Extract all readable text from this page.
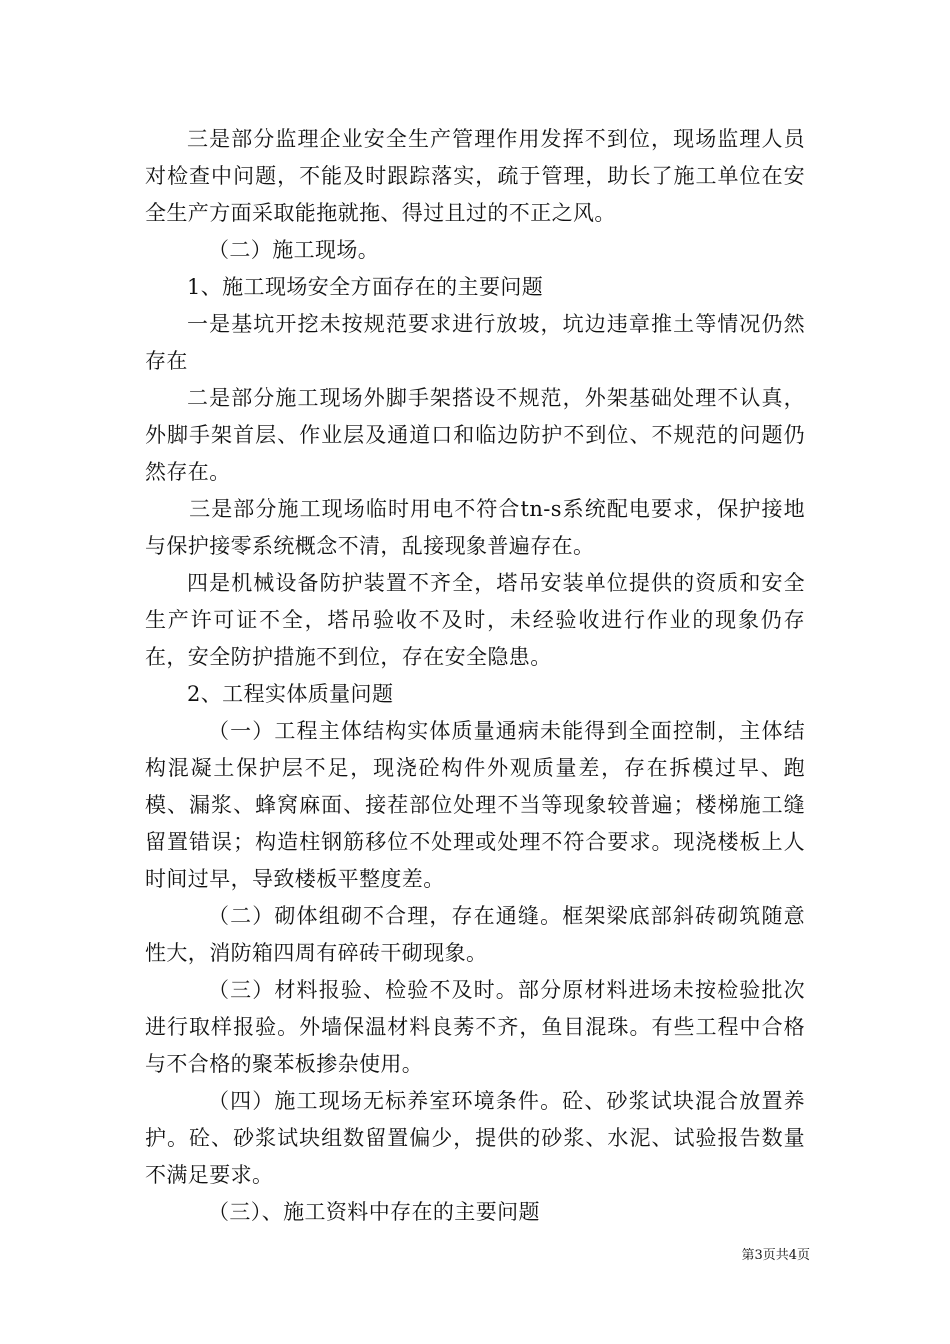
三是部分监理企业安全生产管理作用发挥不到位，现场监理人员对检查中问题，不能及时跟踪落实，疏于管理，助长了施工单位在安全生产方面采取能拖就拖、得过且过的不正之风。

（二）施工现场。

1、施工现场安全方面存在的主要问题

一是基坑开挖未按规范要求进行放坡，坑边违章推土等情况仍然存在

二是部分施工现场外脚手架搭设不规范，外架基础处理不认真，外脚手架首层、作业层及通道口和临边防护不到位、不规范的问题仍然存在。

三是部分施工现场临时用电不符合tn-s系统配电要求，保护接地与保护接零系统概念不清，乱接现象普遍存在。

四是机械设备防护装置不齐全，塔吊安装单位提供的资质和安全生产许可证不全，塔吊验收不及时，未经验收进行作业的现象仍存在，安全防护措施不到位，存在安全隐患。

2、工程实体质量问题

（一）工程主体结构实体质量通病未能得到全面控制，主体结构混凝土保护层不足，现浇砼构件外观质量差，存在拆模过早、跑模、漏浆、蜂窝麻面、接茬部位处理不当等现象较普遍；楼梯施工缝留置错误；构造柱钢筋移位不处理或处理不符合要求。现浇楼板上人时间过早，导致楼板平整度差。

（二）砌体组砌不合理，存在通缝。框架梁底部斜砖砌筑随意性大，消防箱四周有碎砖干砌现象。

（三）材料报验、检验不及时。部分原材料进场未按检验批次进行取样报验。外墙保温材料良莠不齐，鱼目混珠。有些工程中合格与不合格的聚苯板掺杂使用。

（四）施工现场无标养室环境条件。砼、砂浆试块混合放置养护。砼、砂浆试块组数留置偏少，提供的砂浆、水泥、试验报告数量不满足要求。

（三）、施工资料中存在的主要问题

第3页共4页
